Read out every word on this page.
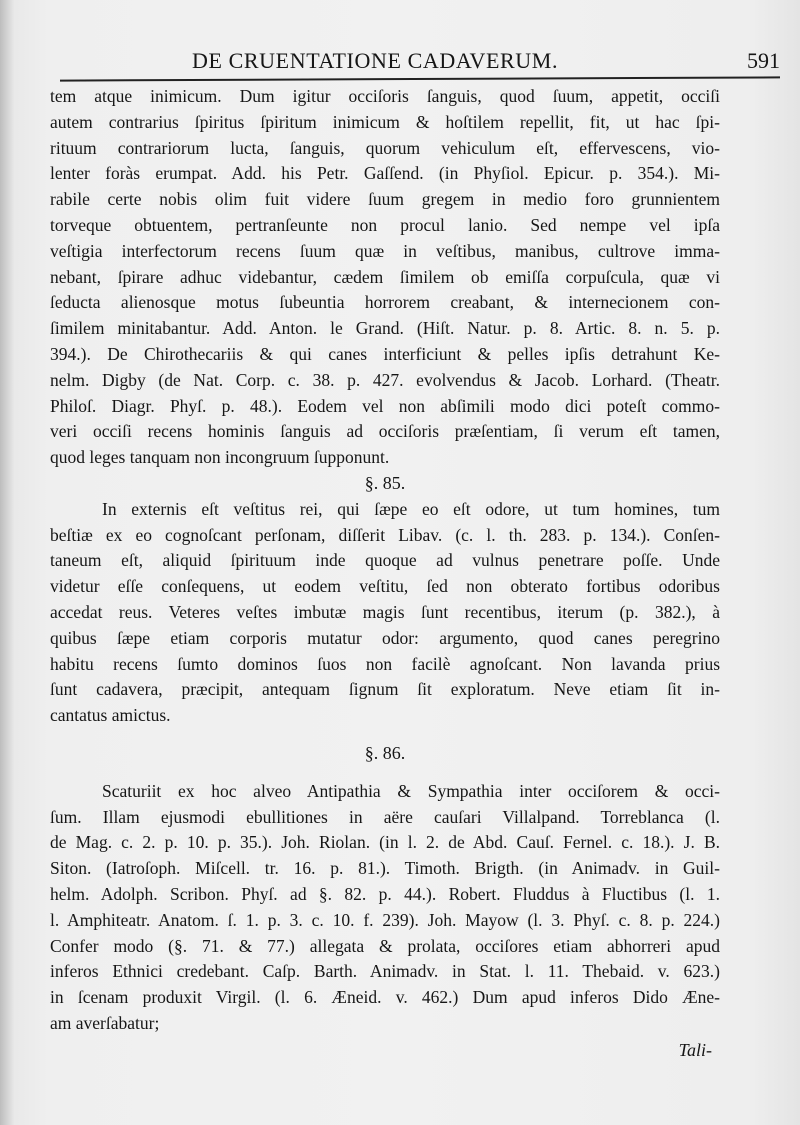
DE CRUENTATIONE CADAVERUM.	591
tem atque inimicum. Dum igitur occiſoris ſanguis, quod ſuum, appetit, occiſi
autem contrarius ſpiritus ſpiritum inimicum & hoſtilem repellit, fit, ut hac ſpi-
rituum contrariorum lucta, ſanguis, quorum vehiculum eſt, effervescens, vio-
lenter foràs erumpat. Add. his Petr. Gaſſend. (in Phyſiol. Epicur. p. 354.). Mi-
rabile certe nobis olim fuit videre ſuum gregem in medio foro grunnientem
torveque obtuentem, pertranſeunte non procul lanio. Sed nempe vel ipſa
veſtigia interfectorum recens ſuum quæ in veſtibus, manibus, cultrove imma-
nebant, ſpirare adhuc videbantur, cædem ſimilem ob emiſſa corpuſcula, quæ vi
ſeducta alienosque motus ſubeuntia horrorem creabant, & internecionem con-
ſimilem minitabantur. Add. Anton. le Grand. (Hiſt. Natur. p. 8. Artic. 8. n. 5. p.
394.). De Chirothecariis & qui canes interficiunt & pelles ipſis detrahunt Ke-
nelm. Digby (de Nat. Corp. c. 38. p. 427. evolvendus & Jacob. Lorhard. (Theatr.
Philoſ. Diagr. Phyſ. p. 48.). Eodem vel non abſimili modo dici poteſt commo-
veri occiſi recens hominis ſanguis ad occiſoris præſentiam, ſi verum eſt tamen,
quod leges tanquam non incongruum ſupponunt.
§. 85.
In externis eſt veſtitus rei, qui ſæpe eo eſt odore, ut tum homines, tum
beſtiæ ex eo cognoſcant perſonam, diſſerit Libav. (c. l. th. 283. p. 134.). Conſen-
taneum eſt, aliquid ſpirituum inde quoque ad vulnus penetrare poſſe. Unde
videtur eſſe conſequens, ut eodem veſtitu, ſed non obterato fortibus odoribus
accedat reus. Veteres veſtes imbutæ magis ſunt recentibus, iterum (p. 382.), à
quibus ſæpe etiam corporis mutatur odor: argumento, quod canes peregrino
habitu recens ſumto dominos ſuos non facilè agnoſcant. Non lavanda prius
ſunt cadavera, præcipit, antequam ſignum ſit exploratum. Neve etiam ſit in-
cantatus amictus.
§. 86.
Scaturiit ex hoc alveo Antipathia & Sympathia inter occiſorem & occi-
ſum. Illam ejusmodi ebullitiones in aëre cauſari Villalpand. Torreblanca (l.
de Mag. c. 2. p. 10. p. 35.). Joh. Riolan. (in l. 2. de Abd. Cauſ. Fernel. c. 18.). J. B.
Siton. (Iatroſoph. Miſcell. tr. 16. p. 81.). Timoth. Brigth. (in Animadv. in Guil-
helm. Adolph. Scribon. Phyſ. ad §. 82. p. 44.). Robert. Fluddus à Fluctibus (l. 1.
l. Amphiteatr. Anatom. ſ. 1. p. 3. c. 10. f. 239). Joh. Mayow (l. 3. Phyſ. c. 8. p. 224.)
Confer modo (§. 71. & 77.) allegata & prolata, occiſores etiam abhorreri apud
inferos Ethnici credebant. Caſp. Barth. Animadv. in Stat. l. 11. Thebaid. v. 623.)
in ſcenam produxit Virgil. (l. 6. Æneid. v. 462.) Dum apud inferos Dido Æne-
am averſabatur;
Tali-
